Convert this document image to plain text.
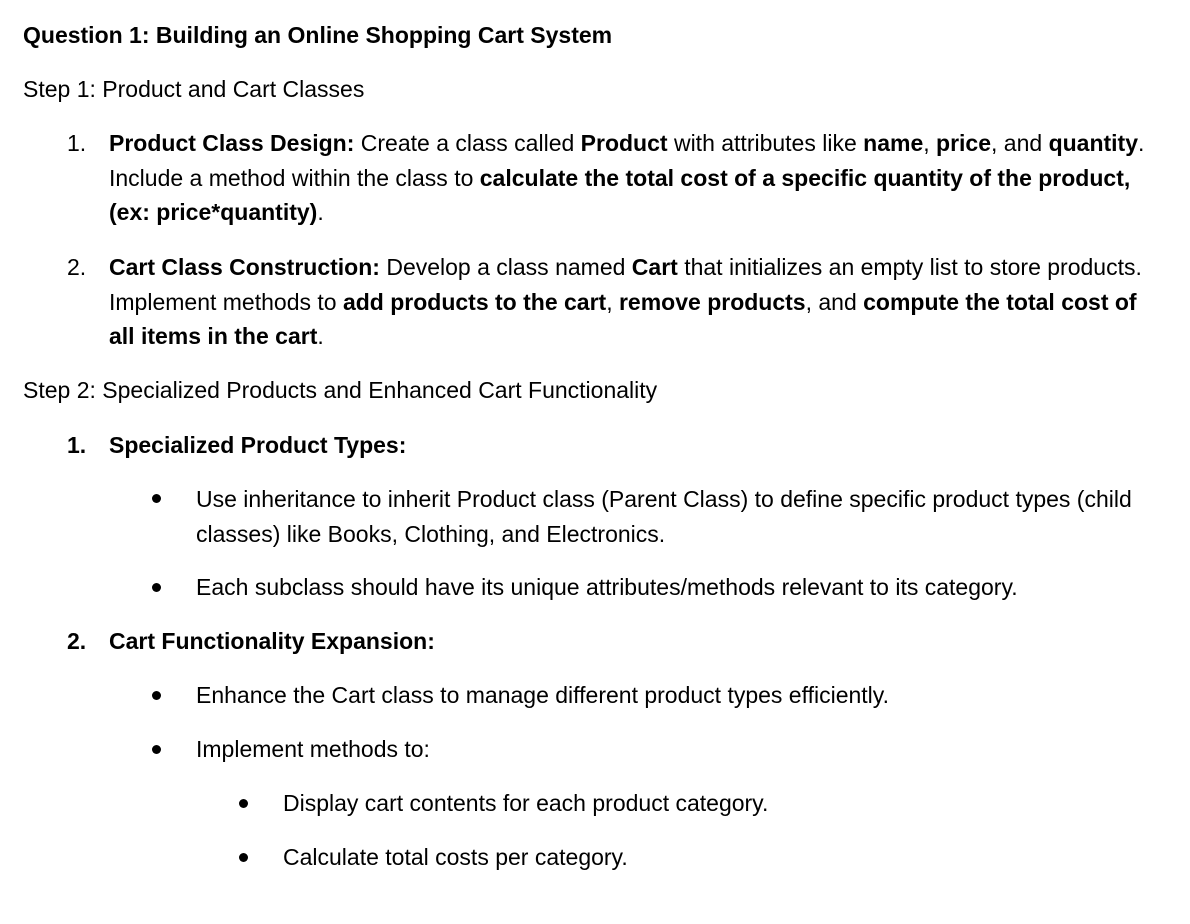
Question 1: Building an Online Shopping Cart System
Step 1: Product and Cart Classes
1. Product Class Design: Create a class called Product with attributes like name, price, and quantity. Include a method within the class to calculate the total cost of a specific quantity of the product, (ex: price*quantity).
2. Cart Class Construction: Develop a class named Cart that initializes an empty list to store products. Implement methods to add products to the cart, remove products, and compute the total cost of all items in the cart.
Step 2: Specialized Products and Enhanced Cart Functionality
1. Specialized Product Types:
Use inheritance to inherit Product class (Parent Class) to define specific product types (child classes) like Books, Clothing, and Electronics.
Each subclass should have its unique attributes/methods relevant to its category.
2. Cart Functionality Expansion:
Enhance the Cart class to manage different product types efficiently.
Implement methods to:
Display cart contents for each product category.
Calculate total costs per category.
